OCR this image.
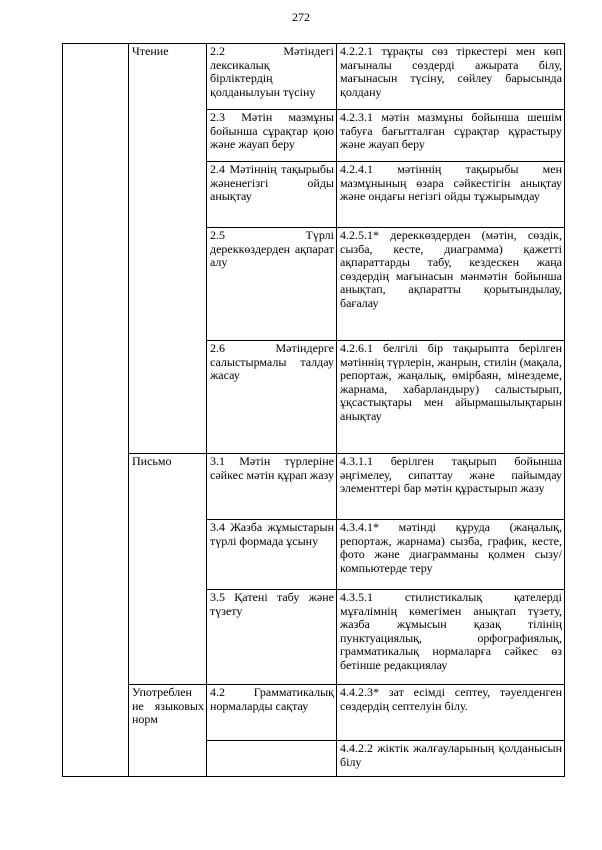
272
	Чтение	2.2 Мәтіндегі лексикалық бірліктердің қолданылуын түсіну	4.2.2.1 тұрақты сөз тіркестері мен көп мағыналы сөздерді ажырата білу, мағынасын түсіну, сөйлеу барысында қолдану
		2.3 Мәтін мазмұны бойынша сұрақтар қою және жауап беру	4.2.3.1 мәтін мазмұны бойынша шешім табуға бағытталған сұрақтар құрастыру және жауап беру
		2.4 Мәтіннің тақырыбы жәненегізгі ойды анықтау	4.2.4.1 мәтіннің тақырыбы мен мазмұнының өзара сәйкестігін анықтау және ондағы негізгі ойды тұжырымдау
		2.5 Түрлі дереккөздерден ақпарат алу	4.2.5.1* дереккөздерден (мәтін, сөздік, сызба, кесте, диаграмма) қажетті ақпараттарды табу, кездескен жаңа сөздердің мағынасын мәнмәтін бойынша анықтап, ақпаратты қорытындылау, бағалау
		2.6 Мәтіндерге салыстырмалы талдау жасау	4.2.6.1 белгілі бір тақырыпта берілген мәтіннің түрлерін, жанрын, стилін (мақала, репортаж, жаңалық, өмірбаян, мінездеме, жарнама, хабарландыру) салыстырып, ұқсастықтары мен айырмашылықтарын анықтау
	Письмо	3.1 Мәтін түрлеріне сәйкес мәтін құрап жазу	4.3.1.1 берілген тақырып бойынша әңгімелеу, сипаттау және пайымдау элементтері бар мәтін құрастырып жазу
		3.4 Жазба жұмыстарын түрлі формада ұсыну	4.3.4.1* мәтінді құруда (жаңалық, репортаж, жарнама) сызба, график, кесте, фото және диаграмманы қолмен сызу/компьютерде теру
		3.5 Қатені табу және түзету	4.3.5.1 стилистикалық қателерді мұғалімнің көмегімен анықтап түзету, жазба жұмысын қазақ тілінің пунктуациялық, орфографиялық, грамматикалық нормаларға сәйкес өз бетінше редакциялау
	Употреблен ие языковых норм	4.2 Грамматикалық нормаларды сақтау	4.4.2.3* зат есімді септеу, тәуелденген сөздердің септелуін білу.
			4.4.2.2 жіктік жалғауларының қолданысын білу
